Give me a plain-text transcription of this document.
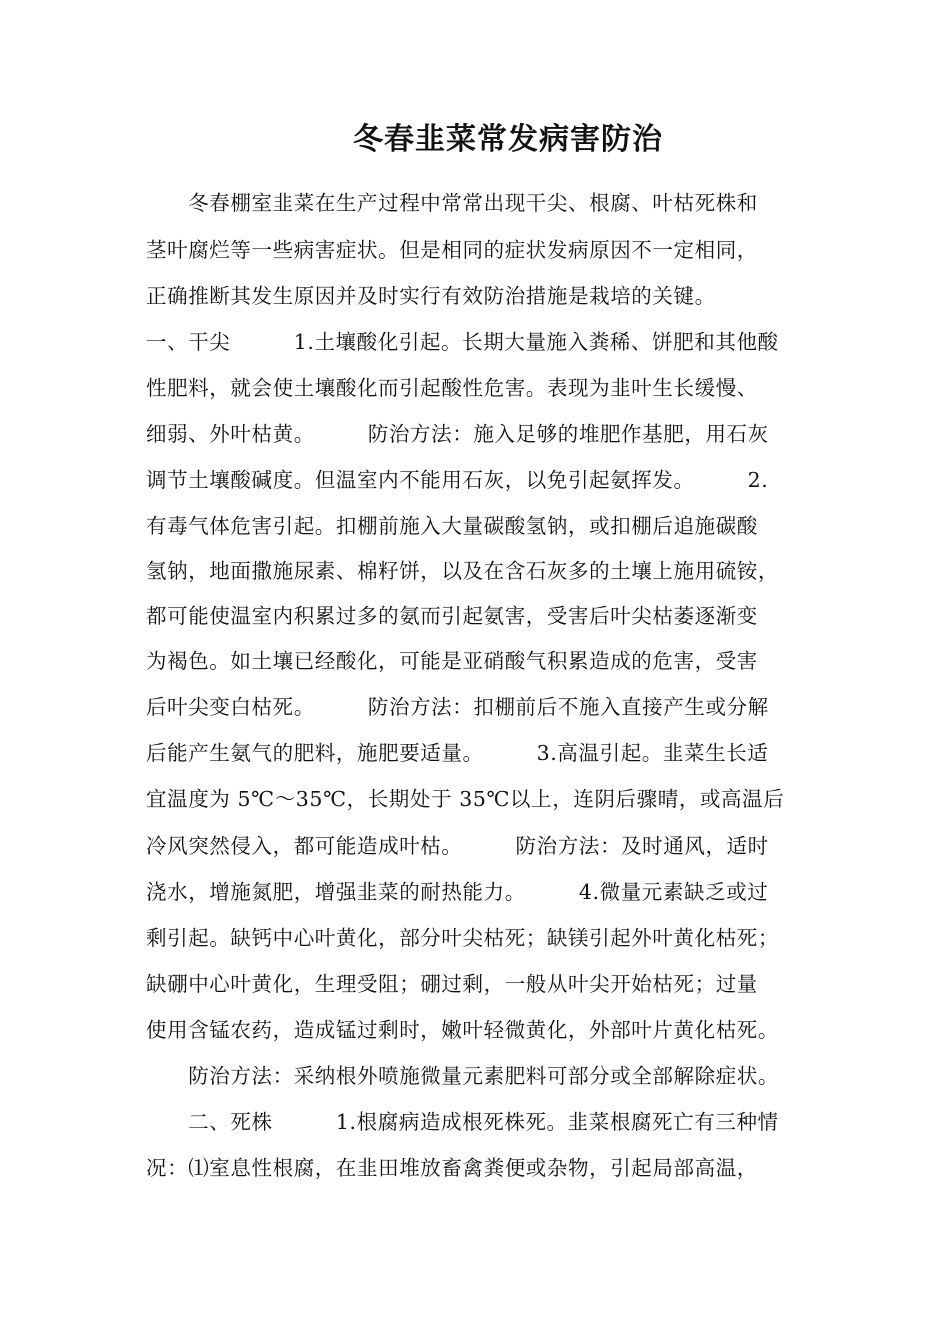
冬春韭菜常发病害防治
　　冬春棚室韭菜在生产过程中常常出现干尖、根腐、叶枯死株和
茎叶腐烂等一些病害症状。但是相同的症状发病原因不一定相同，
正确推断其发生原因并及时实行有效防治措施是栽培的关键。
一、干尖　　　1.土壤酸化引起。长期大量施入粪稀、饼肥和其他酸
性肥料，就会使土壤酸化而引起酸性危害。表现为韭叶生长缓慢、
细弱、外叶枯黄。　　　防治方法：施入足够的堆肥作基肥，用石灰
调节土壤酸碱度。但温室内不能用石灰，以免引起氨挥发。　　　2.
有毒气体危害引起。扣棚前施入大量碳酸氢钠，或扣棚后追施碳酸
氢钠，地面撒施尿素、棉籽饼，以及在含石灰多的土壤上施用硫铵，
都可能使温室内积累过多的氨而引起氨害，受害后叶尖枯萎逐渐变
为褐色。如土壤已经酸化，可能是亚硝酸气积累造成的危害，受害
后叶尖变白枯死。　　　防治方法：扣棚前后不施入直接产生或分解
后能产生氨气的肥料，施肥要适量。　　　3.高温引起。韭菜生长适
宜温度为 5℃～35℃，长期处于 35℃以上，连阴后骤晴，或高温后
冷风突然侵入，都可能造成叶枯。　　　防治方法：及时通风，适时
浇水，增施氮肥，增强韭菜的耐热能力。　　　4.微量元素缺乏或过
剩引起。缺钙中心叶黄化，部分叶尖枯死；缺镁引起外叶黄化枯死；
缺硼中心叶黄化，生理受阻；硼过剩，一般从叶尖开始枯死；过量
使用含锰农药，造成锰过剩时，嫩叶轻微黄化，外部叶片黄化枯死。
　　防治方法：采纳根外喷施微量元素肥料可部分或全部解除症状。
　　二、死株　　　1.根腐病造成根死株死。韭菜根腐死亡有三种情
况：⑴室息性根腐，在韭田堆放畜禽粪便或杂物，引起局部高温，
